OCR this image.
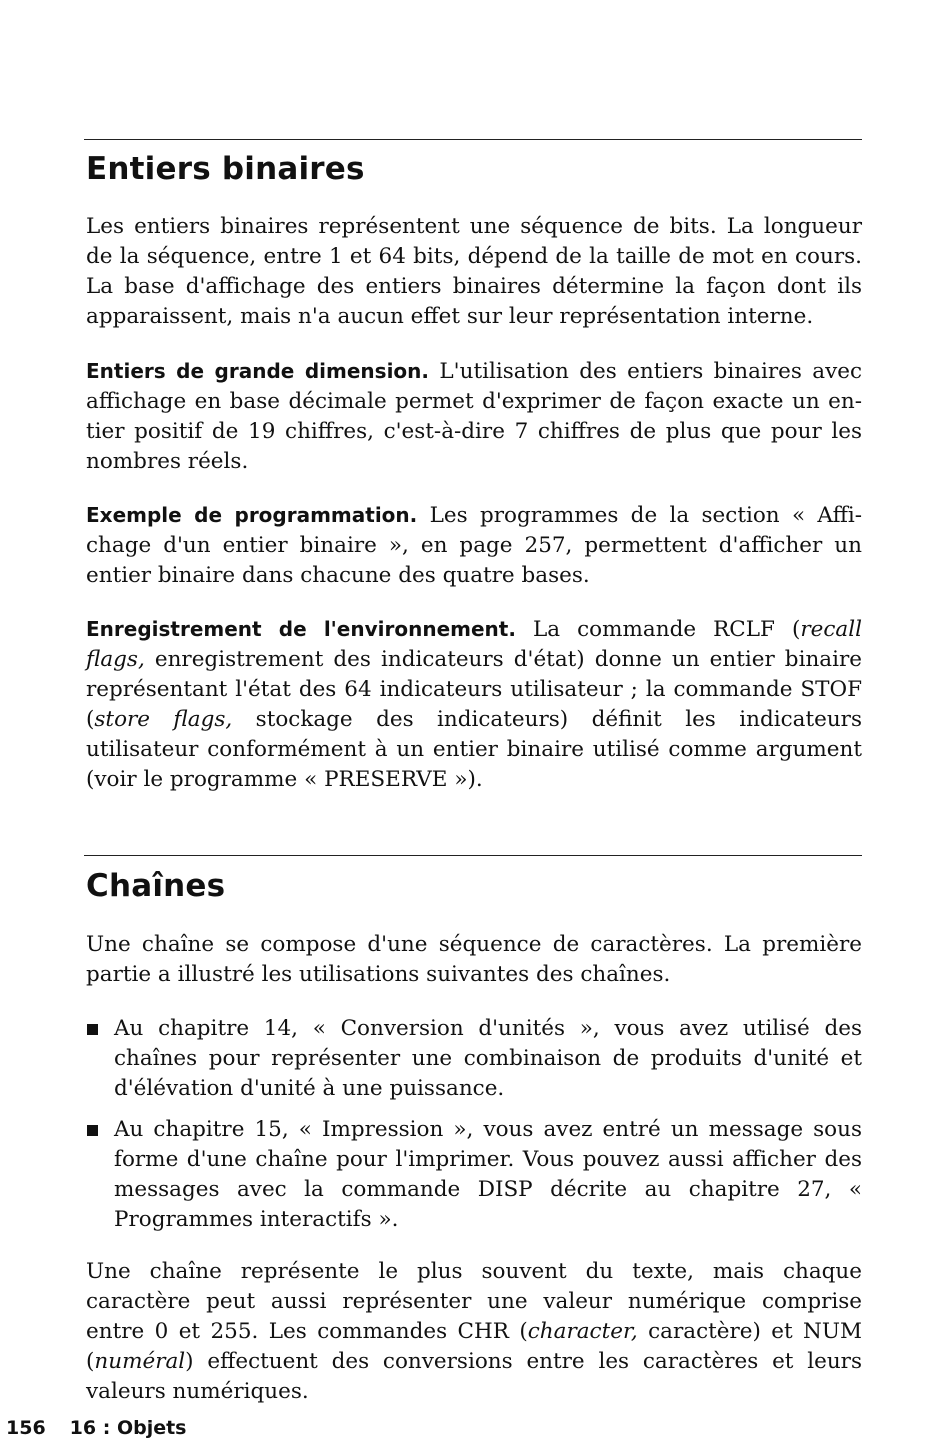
Entiers binaires

Les entiers binaires représentent une séquence de bits. La longueur de la séquence, entre 1 et 64 bits, dépend de la taille de mot en cours. La base d'affichage des entiers binaires détermine la façon dont ils apparaissent, mais n'a aucun effet sur leur représentation interne.

Entiers de grande dimension. L'utilisation des entiers binaires avec affichage en base décimale permet d'exprimer de façon exacte un entier positif de 19 chiffres, c'est-à-dire 7 chiffres de plus que pour les nombres réels.

Exemple de programmation. Les programmes de la section « Affichage d'un entier binaire », en page 257, permettent d'afficher un entier binaire dans chacune des quatre bases.

Enregistrement de l'environnement. La commande RCLF (recall flags, enregistrement des indicateurs d'état) donne un entier binaire représentant l'état des 64 indicateurs utilisateur ; la commande STOF (store flags, stockage des indicateurs) définit les indicateurs utilisateur conformément à un entier binaire utilisé comme argument (voir le programme « PRESERVE »).

Chaînes

Une chaîne se compose d'une séquence de caractères. La première partie a illustré les utilisations suivantes des chaînes.

Au chapitre 14, « Conversion d'unités », vous avez utilisé des chaînes pour représenter une combinaison de produits d'unité et d'élévation d'unité à une puissance.
Au chapitre 15, « Impression », vous avez entré un message sous forme d'une chaîne pour l'imprimer. Vous pouvez aussi afficher des messages avec la commande DISP décrite au chapitre 27, « Programmes interactifs ».

Une chaîne représente le plus souvent du texte, mais chaque caractère peut aussi représenter une valeur numérique comprise entre 0 et 255. Les commandes CHR (character, caractère) et NUM (numéral) effectuent des conversions entre les caractères et leurs valeurs numériques.

156 16 : Objets
